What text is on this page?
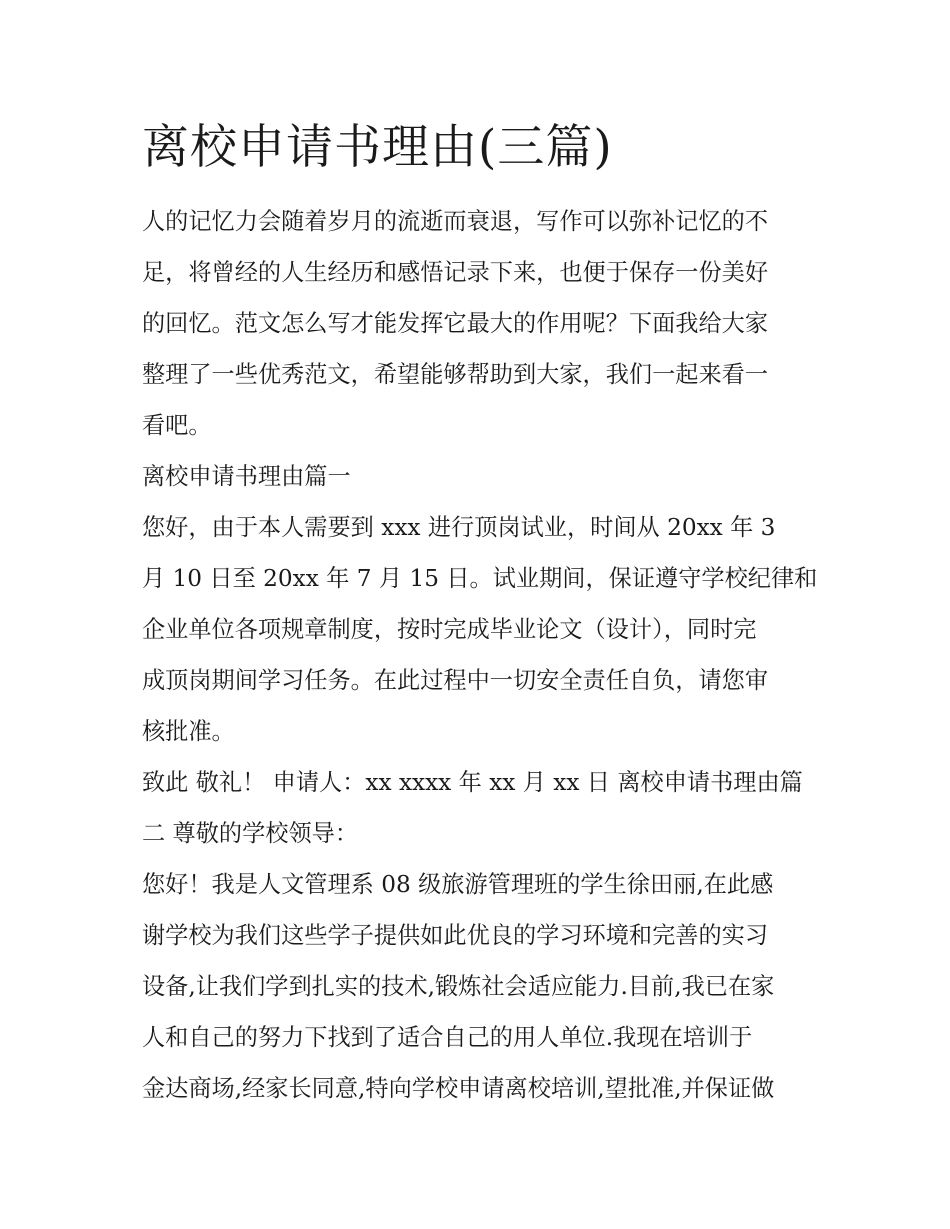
离校申请书理由(三篇)

人的记忆力会随着岁月的流逝而衰退，写作可以弥补记忆的不

足，将曾经的人生经历和感悟记录下来，也便于保存一份美好

的回忆。范文怎么写才能发挥它最大的作用呢？下面我给大家

整理了一些优秀范文，希望能够帮助到大家，我们一起来看一

看吧。

离校申请书理由篇一

您好，由于本人需要到 xxx 进行顶岗试业，时间从 20xx 年 3

月 10 日至 20xx 年 7 月 15 日。试业期间，保证遵守学校纪律和

企业单位各项规章制度，按时完成毕业论文（设计），同时完

成顶岗期间学习任务。在此过程中一切安全责任自负，请您审

核批准。

致此 敬礼！ 申请人：xx xxxx 年 xx 月 xx 日 离校申请书理由篇

二 尊敬的学校领导：

您好！我是人文管理系 08 级旅游管理班的学生徐田丽,在此感

谢学校为我们这些学子提供如此优良的学习环境和完善的实习

设备,让我们学到扎实的技术,锻炼社会适应能力.目前,我已在家

人和自己的努力下找到了适合自己的用人单位.我现在培训于

金达商场,经家长同意,特向学校申请离校培训,望批准,并保证做
